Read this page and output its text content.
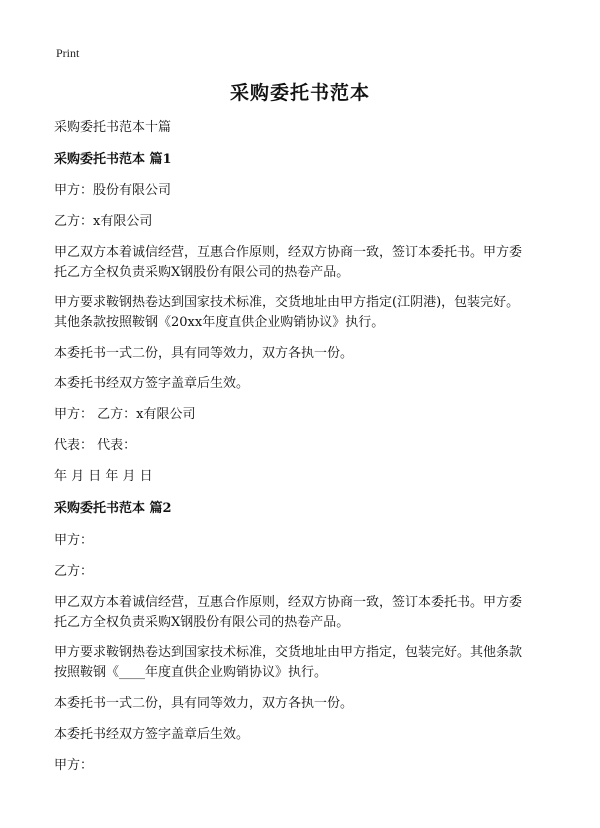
Print
采购委托书范本
采购委托书范本十篇
采购委托书范本 篇1
甲方：股份有限公司
乙方：x有限公司
甲乙双方本着诚信经营，互惠合作原则，经双方协商一致，签订本委托书。甲方委
托乙方全权负责采购X钢股份有限公司的热卷产品。
甲方要求鞍钢热卷达到国家技术标准，交货地址由甲方指定(江阴港)，包装完好。
其他条款按照鞍钢《20xx年度直供企业购销协议》执行。
本委托书一式二份，具有同等效力，双方各执一份。
本委托书经双方签字盖章后生效。
甲方： 乙方：x有限公司
代表： 代表：
年 月 日 年 月 日
采购委托书范本 篇2
甲方：
乙方：
甲乙双方本着诚信经营，互惠合作原则，经双方协商一致，签订本委托书。甲方委
托乙方全权负责采购X钢股份有限公司的热卷产品。
甲方要求鞍钢热卷达到国家技术标准，交货地址由甲方指定，包装完好。其他条款
按照鞍钢《____年度直供企业购销协议》执行。
本委托书一式二份，具有同等效力，双方各执一份。
本委托书经双方签字盖章后生效。
甲方：
